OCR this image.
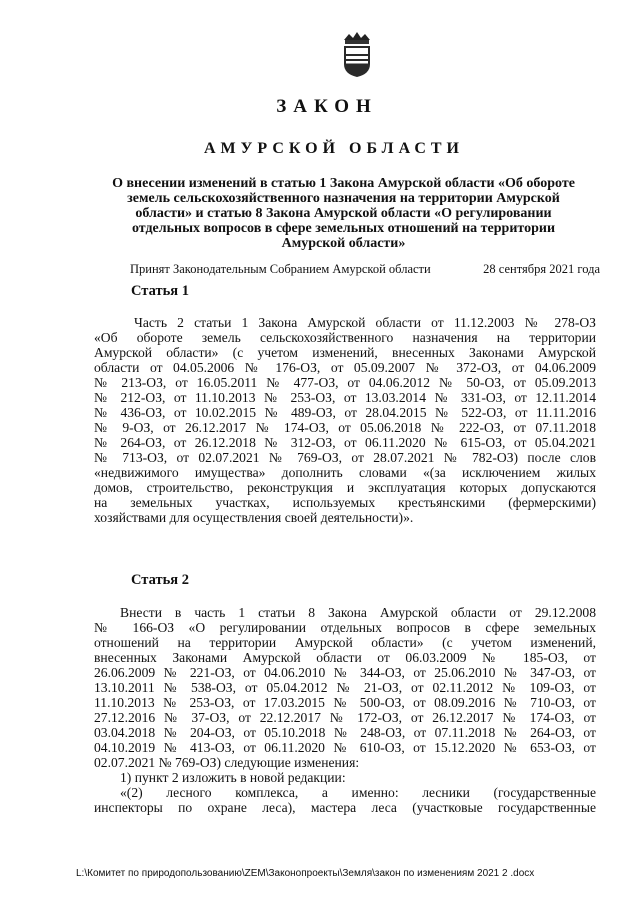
ЗАКОН
АМУРСКОЙ ОБЛАСТИ
О внесении изменений в статью 1 Закона Амурской области «Об обороте
земель сельскохозяйственного назначения на территории Амурской
области» и статью 8 Закона Амурской области «О регулировании
отдельных вопросов в сфере земельных отношений на территории
Амурской области»
Принят Законодательным Собранием Амурской области	28 сентября 2021 года
Статья 1
Часть 2 статьи 1 Закона Амурской области от 11.12.2003 № 278-ОЗ
«Об обороте земель сельскохозяйственного назначения на территории
Амурской области» (с учетом изменений, внесенных Законами Амурской
области от 04.05.2006 № 176-ОЗ, от 05.09.2007 № 372-ОЗ, от 04.06.2009
№ 213-ОЗ, от 16.05.2011 № 477-ОЗ, от 04.06.2012 № 50-ОЗ, от 05.09.2013
№ 212-ОЗ, от 11.10.2013 № 253-ОЗ, от 13.03.2014 № 331-ОЗ, от 12.11.2014
№ 436-ОЗ, от 10.02.2015 № 489-ОЗ, от 28.04.2015 № 522-ОЗ, от 11.11.2016
№ 9-ОЗ, от 26.12.2017 № 174-ОЗ, от 05.06.2018 № 222-ОЗ, от 07.11.2018
№ 264-ОЗ, от 26.12.2018 № 312-ОЗ, от 06.11.2020 № 615-ОЗ, от 05.04.2021
№ 713-ОЗ, от 02.07.2021 № 769-ОЗ, от 28.07.2021 № 782-ОЗ) после слов
«недвижимого имущества» дополнить словами «(за исключением жилых
домов, строительство, реконструкция и эксплуатация которых допускаются
на земельных участках, используемых крестьянскими (фермерскими)
хозяйствами для осуществления своей деятельности)».
Статья 2
Внести в часть 1 статьи 8 Закона Амурской области от 29.12.2008
№ 166-ОЗ «О регулировании отдельных вопросов в сфере земельных
отношений на территории Амурской области» (с учетом изменений,
внесенных Законами Амурской области от 06.03.2009 № 185-ОЗ, от
26.06.2009 № 221-ОЗ, от 04.06.2010 № 344-ОЗ, от 25.06.2010 № 347-ОЗ, от
13.10.2011 № 538-ОЗ, от 05.04.2012 № 21-ОЗ, от 02.11.2012 № 109-ОЗ, от
11.10.2013 № 253-ОЗ, от 17.03.2015 № 500-ОЗ, от 08.09.2016 № 710-ОЗ, от
27.12.2016 № 37-ОЗ, от 22.12.2017 № 172-ОЗ, от 26.12.2017 № 174-ОЗ, от
03.04.2018 № 204-ОЗ, от 05.10.2018 № 248-ОЗ, от 07.11.2018 № 264-ОЗ, от
04.10.2019 № 413-ОЗ, от 06.11.2020 № 610-ОЗ, от 15.12.2020 № 653-ОЗ, от
02.07.2021 № 769-ОЗ) следующие изменения:
1) пункт 2 изложить в новой редакции:
«(2) лесного комплекса, а именно: лесники (государственные
инспекторы по охране леса), мастера леса (участковые государственные
L:\Комитет по природопользованию\ZEM\Законопроекты\Земля\закон по изменениям 2021 2 .docx
